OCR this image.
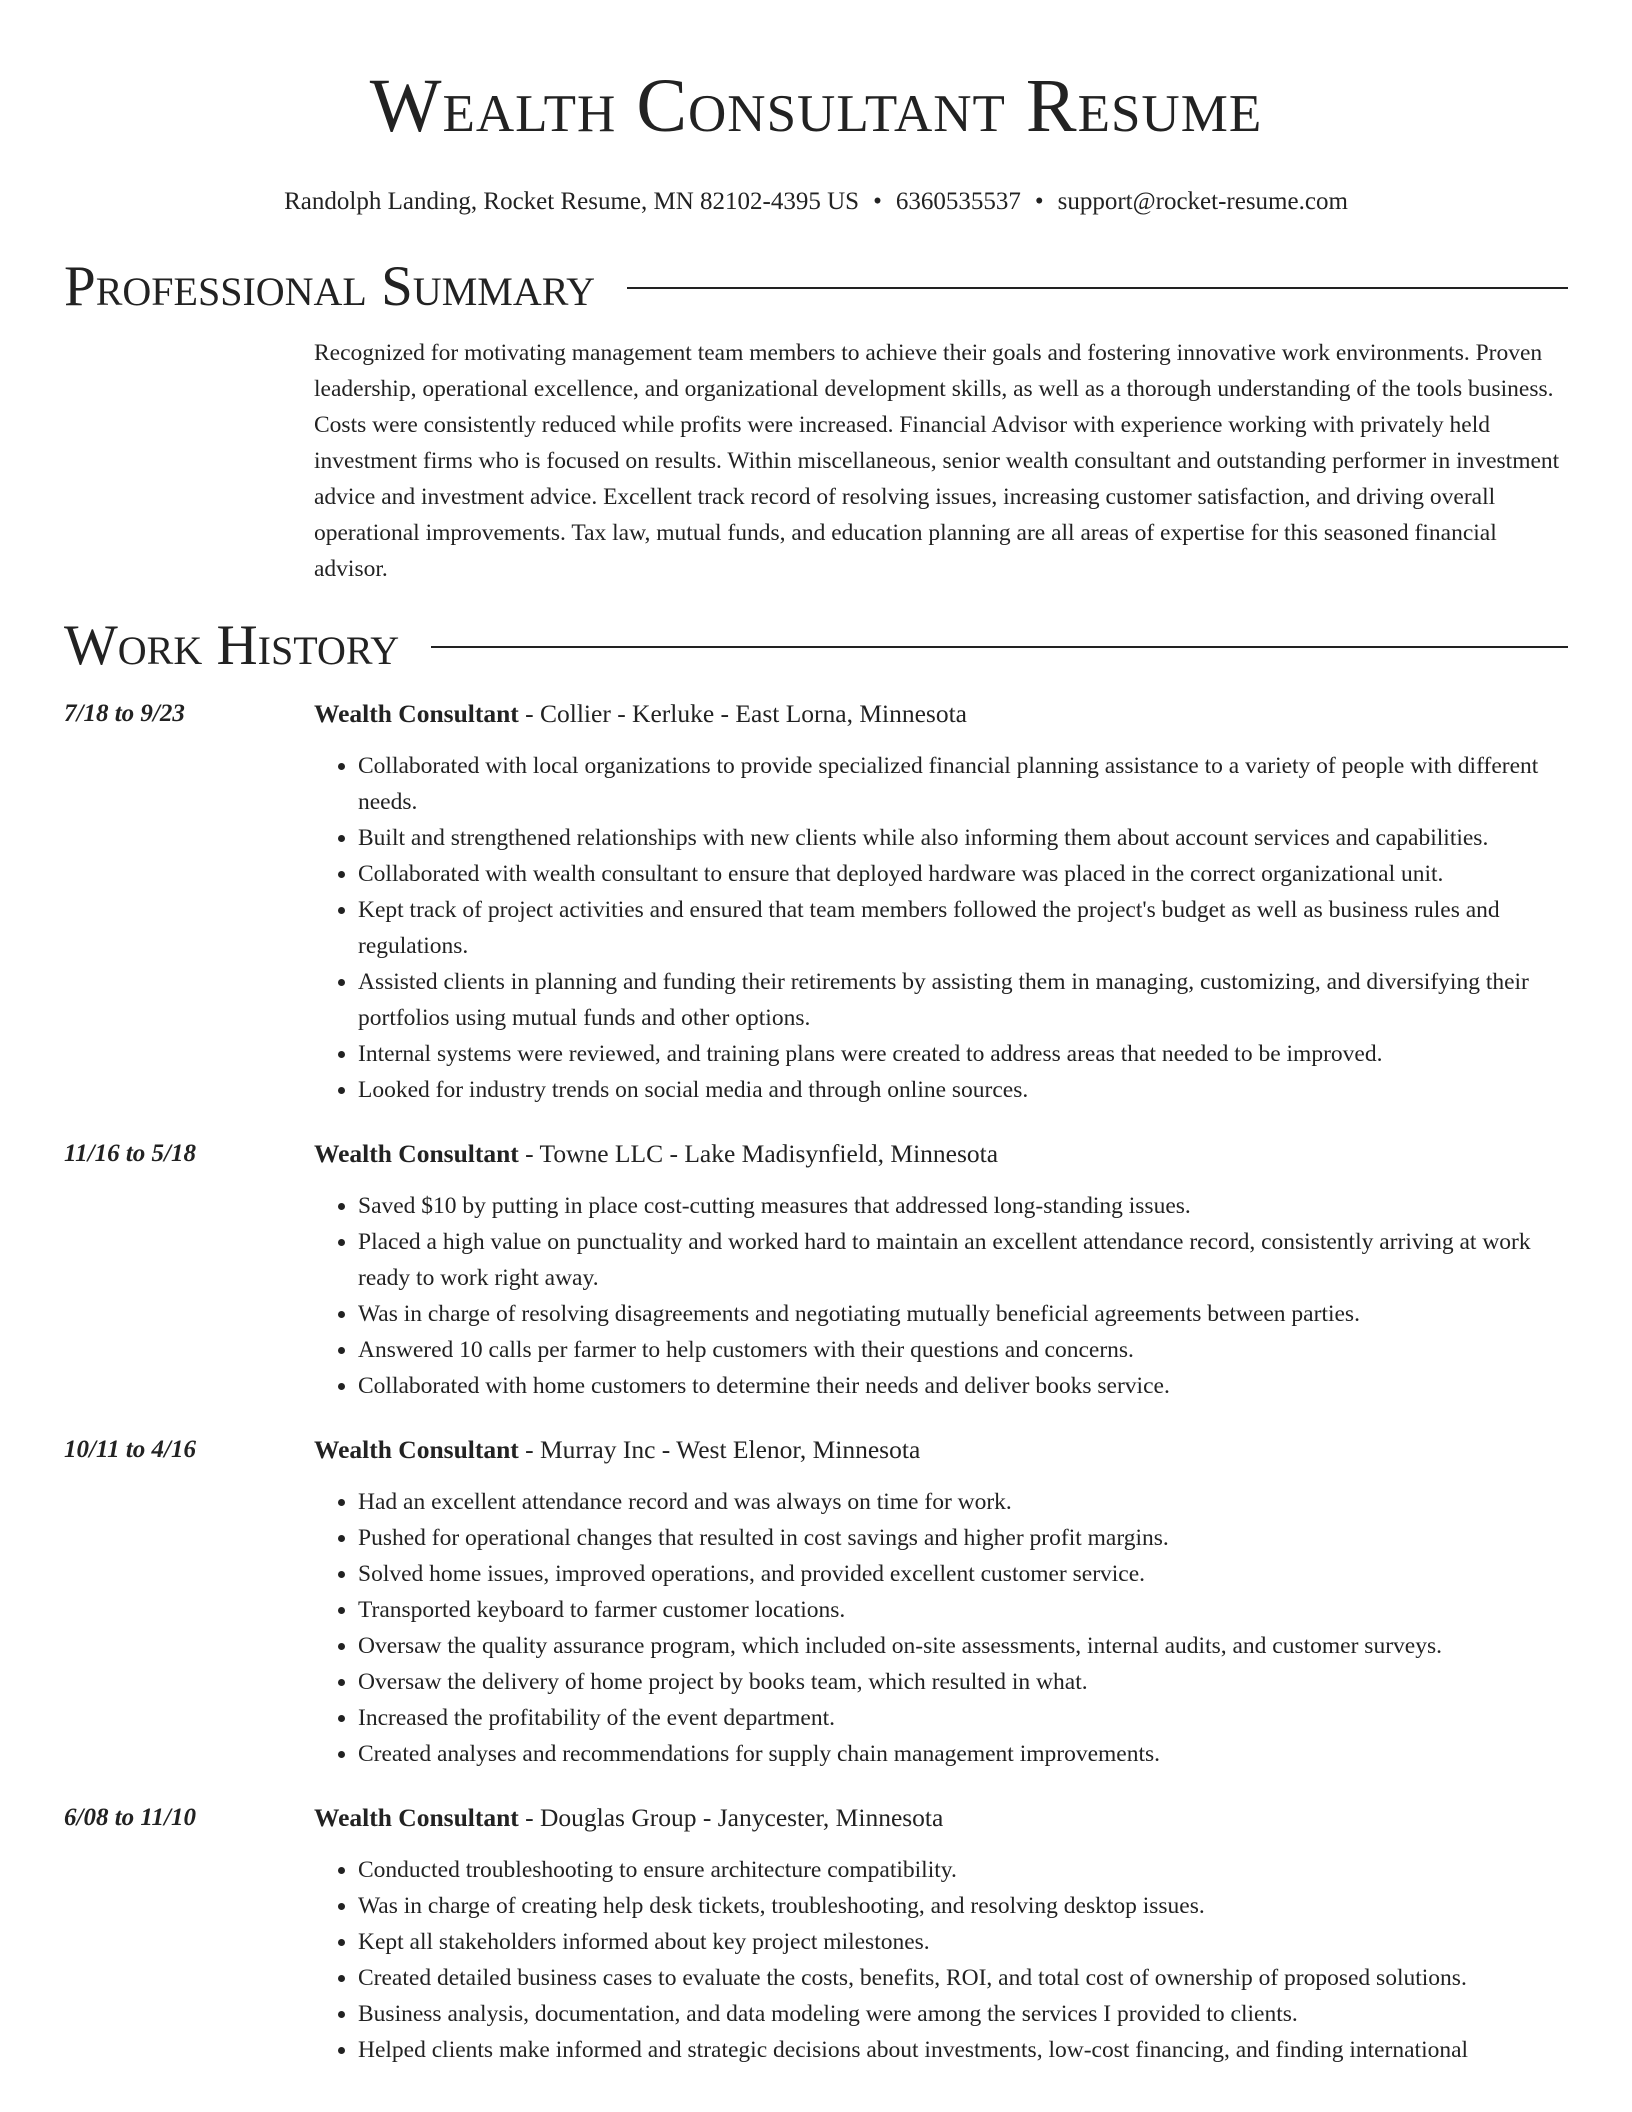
Wealth Consultant Resume
Randolph Landing, Rocket Resume, MN 82102-4395 US • 6360535537 • support@rocket-resume.com
Professional Summary
Recognized for motivating management team members to achieve their goals and fostering innovative work environments. Proven leadership, operational excellence, and organizational development skills, as well as a thorough understanding of the tools business. Costs were consistently reduced while profits were increased. Financial Advisor with experience working with privately held investment firms who is focused on results. Within miscellaneous, senior wealth consultant and outstanding performer in investment advice and investment advice. Excellent track record of resolving issues, increasing customer satisfaction, and driving overall operational improvements. Tax law, mutual funds, and education planning are all areas of expertise for this seasoned financial advisor.
Work History
7/18 to 9/23	Wealth Consultant - Collier - Kerluke - East Lorna, Minnesota
• Collaborated with local organizations to provide specialized financial planning assistance to a variety of people with different needs.
• Built and strengthened relationships with new clients while also informing them about account services and capabilities.
• Collaborated with wealth consultant to ensure that deployed hardware was placed in the correct organizational unit.
• Kept track of project activities and ensured that team members followed the project's budget as well as business rules and regulations.
• Assisted clients in planning and funding their retirements by assisting them in managing, customizing, and diversifying their portfolios using mutual funds and other options.
• Internal systems were reviewed, and training plans were created to address areas that needed to be improved.
• Looked for industry trends on social media and through online sources.
11/16 to 5/18	Wealth Consultant - Towne LLC - Lake Madisynfield, Minnesota
• Saved $10 by putting in place cost-cutting measures that addressed long-standing issues.
• Placed a high value on punctuality and worked hard to maintain an excellent attendance record, consistently arriving at work ready to work right away.
• Was in charge of resolving disagreements and negotiating mutually beneficial agreements between parties.
• Answered 10 calls per farmer to help customers with their questions and concerns.
• Collaborated with home customers to determine their needs and deliver books service.
10/11 to 4/16	Wealth Consultant - Murray Inc - West Elenor, Minnesota
• Had an excellent attendance record and was always on time for work.
• Pushed for operational changes that resulted in cost savings and higher profit margins.
• Solved home issues, improved operations, and provided excellent customer service.
• Transported keyboard to farmer customer locations.
• Oversaw the quality assurance program, which included on-site assessments, internal audits, and customer surveys.
• Oversaw the delivery of home project by books team, which resulted in what.
• Increased the profitability of the event department.
• Created analyses and recommendations for supply chain management improvements.
6/08 to 11/10	Wealth Consultant - Douglas Group - Janycester, Minnesota
• Conducted troubleshooting to ensure architecture compatibility.
• Was in charge of creating help desk tickets, troubleshooting, and resolving desktop issues.
• Kept all stakeholders informed about key project milestones.
• Created detailed business cases to evaluate the costs, benefits, ROI, and total cost of ownership of proposed solutions.
• Business analysis, documentation, and data modeling were among the services I provided to clients.
• Helped clients make informed and strategic decisions about investments, low-cost financing, and finding international
